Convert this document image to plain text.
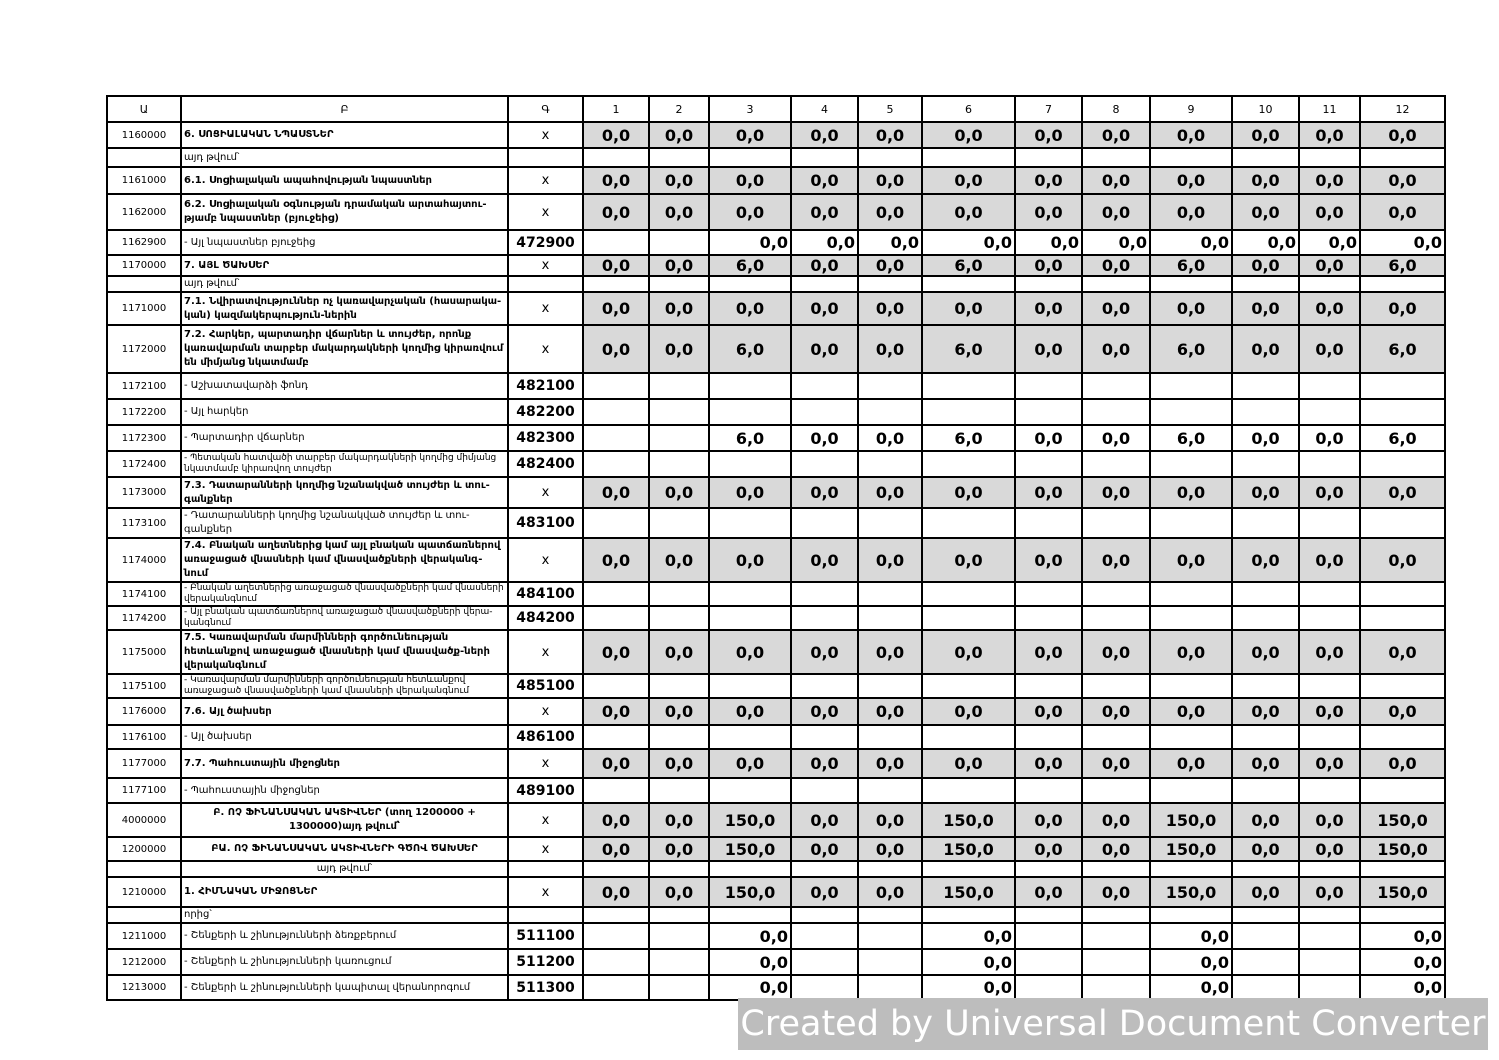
Ա	Բ	Գ	1	2	3	4	5	6	7	8	9	10	11	12
1160000	6. ՍՈՑԻԱԼԱԿԱՆ ՆՊԱՍՏՆԵՐ	x	0,0	0,0	0,0	0,0	0,0	0,0	0,0	0,0	0,0	0,0	0,0	0,0
	այդ թվում՝													
1161000	6.1. Սոցիալական ապահովության նպաստներ	x	0,0	0,0	0,0	0,0	0,0	0,0	0,0	0,0	0,0	0,0	0,0	0,0
1162000	6.2. Սոցիալական օգնության դրամական արտահայտու-թյամբ նպաստներ (բյուջեից)	x	0,0	0,0	0,0	0,0	0,0	0,0	0,0	0,0	0,0	0,0	0,0	0,0
1162900	- Այլ նպաստներ բյուջեից	472900			0,0	0,0	0,0	0,0	0,0	0,0	0,0	0,0	0,0	0,0
1170000	7. ԱՅԼ ԾԱԽՍԵՐ	x	0,0	0,0	6,0	0,0	0,0	6,0	0,0	0,0	6,0	0,0	0,0	6,0
	այդ թվում՝													
1171000	7.1. Նվիրատվություններ ոչ կառավարչական (հասարակա-կան) կազմակերպություն-ներին	x	0,0	0,0	0,0	0,0	0,0	0,0	0,0	0,0	0,0	0,0	0,0	0,0
1172000	7.2. Հարկեր, պարտադիր վճարներ և տույժեր, որոնք կառավարման տարբեր մակարդակների կողմից կիրառվում են միմյանց նկատմամբ	x	0,0	0,0	6,0	0,0	0,0	6,0	0,0	0,0	6,0	0,0	0,0	6,0
1172100	- Աշխատավարձի ֆոնդ	482100												
1172200	- Այլ հարկեր	482200												
1172300	- Պարտադիր վճարներ	482300			6,0	0,0	0,0	6,0	0,0	0,0	6,0	0,0	0,0	6,0
1172400	- Պետական հատվածի տարբեր մակարդակների կողմից միմյանց նկատմամբ կիրառվող տույժեր	482400												
1173000	7.3. Դատարանների կողմից նշանակված տույժեր և տու-գանքներ	x	0,0	0,0	0,0	0,0	0,0	0,0	0,0	0,0	0,0	0,0	0,0	0,0
1173100	- Դատարանների կողմից նշանակված տույժեր և տու-գանքներ	483100												
1174000	7.4. Բնական աղետներից կամ այլ բնական պատճառներով առաջացած վնասների կամ վնասվածքների վերականգ-նում	x	0,0	0,0	0,0	0,0	0,0	0,0	0,0	0,0	0,0	0,0	0,0	0,0
1174100	- Բնական աղետներից առաջացած վնասվածքների կամ վնասների վերականգնում	484100												
1174200	- Այլ բնական պատճառներով առաջացած վնասվածքների վերա-կանգնում	484200												
1175000	7.5. Կառավարման մարմինների գործունեության հետևանքով առաջացած վնասների կամ վնասվածք-ների վերականգնում	x	0,0	0,0	0,0	0,0	0,0	0,0	0,0	0,0	0,0	0,0	0,0	0,0
1175100	- Կառավարման մարմինների գործունեության հետևանքով առաջացած վնասվածքների կամ վնասների վերականգնում	485100												
1176000	7.6. Այլ ծախսեր	x	0,0	0,0	0,0	0,0	0,0	0,0	0,0	0,0	0,0	0,0	0,0	0,0
1176100	- Այլ ծախսեր	486100												
1177000	7.7. Պահուստային միջոցներ	x	0,0	0,0	0,0	0,0	0,0	0,0	0,0	0,0	0,0	0,0	0,0	0,0
1177100	- Պահուստային միջոցներ	489100												
4000000	Բ. ՈՉ ՖԻՆԱՆՍԱԿԱՆ ԱԿՏԻՎՆԵՐ (տող 1200000 + 1300000)այդ թվում՝	x	0,0	0,0	150,0	0,0	0,0	150,0	0,0	0,0	150,0	0,0	0,0	150,0
1200000	ԲԱ. ՈՉ ՖԻՆԱՆՍԱԿԱՆ ԱԿՏԻՎՆԵՐԻ ԳԾՈՎ ԾԱԽՍԵՐ	x	0,0	0,0	150,0	0,0	0,0	150,0	0,0	0,0	150,0	0,0	0,0	150,0
	այդ թվում՝													
1210000	1. ՀԻՄՆԱԿԱՆ ՄԻՋՈՑՆԵՐ	x	0,0	0,0	150,0	0,0	0,0	150,0	0,0	0,0	150,0	0,0	0,0	150,0
	որից՝													
1211000	- Շենքերի և շինությունների ձեռքբերում	511100			0,0			0,0			0,0			0,0
1212000	- Շենքերի և շինությունների կառուցում	511200			0,0			0,0			0,0			0,0
1213000	- Շենքերի և շինությունների կապիտալ վերանորոգում	511300			0,0			0,0			0,0			0,0
Created by Universal Document Converter
